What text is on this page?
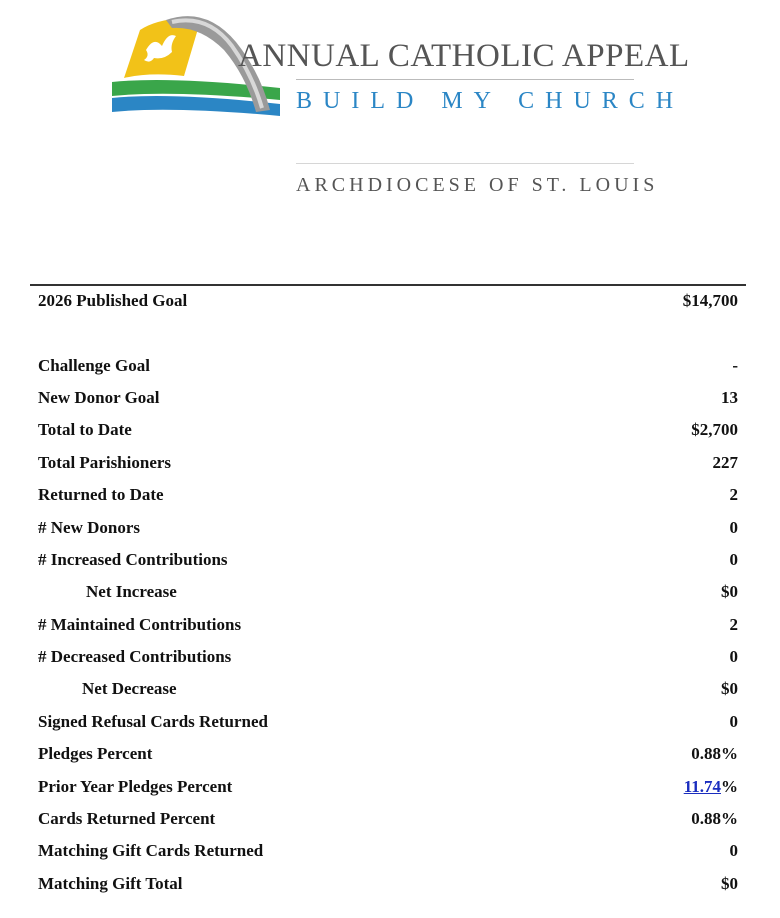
ANNUAL CATHOLIC APPEAL
BUILD MY CHURCH
ARCHDIOCESE OF ST. LOUIS
2026 Published Goal	$14,700
Challenge Goal	-
New Donor Goal	13
Total to Date	$2,700
Total Parishioners	227
Returned to Date	2
# New Donors	0
# Increased Contributions	0
Net Increase	$0
# Maintained Contributions	2
# Decreased Contributions	0
Net Decrease	$0
Signed Refusal Cards Returned	0
Pledges Percent	0.88%
Prior Year Pledges Percent	11.74%
Cards Returned Percent	0.88%
Matching Gift Cards Returned	0
Matching Gift Total	$0
